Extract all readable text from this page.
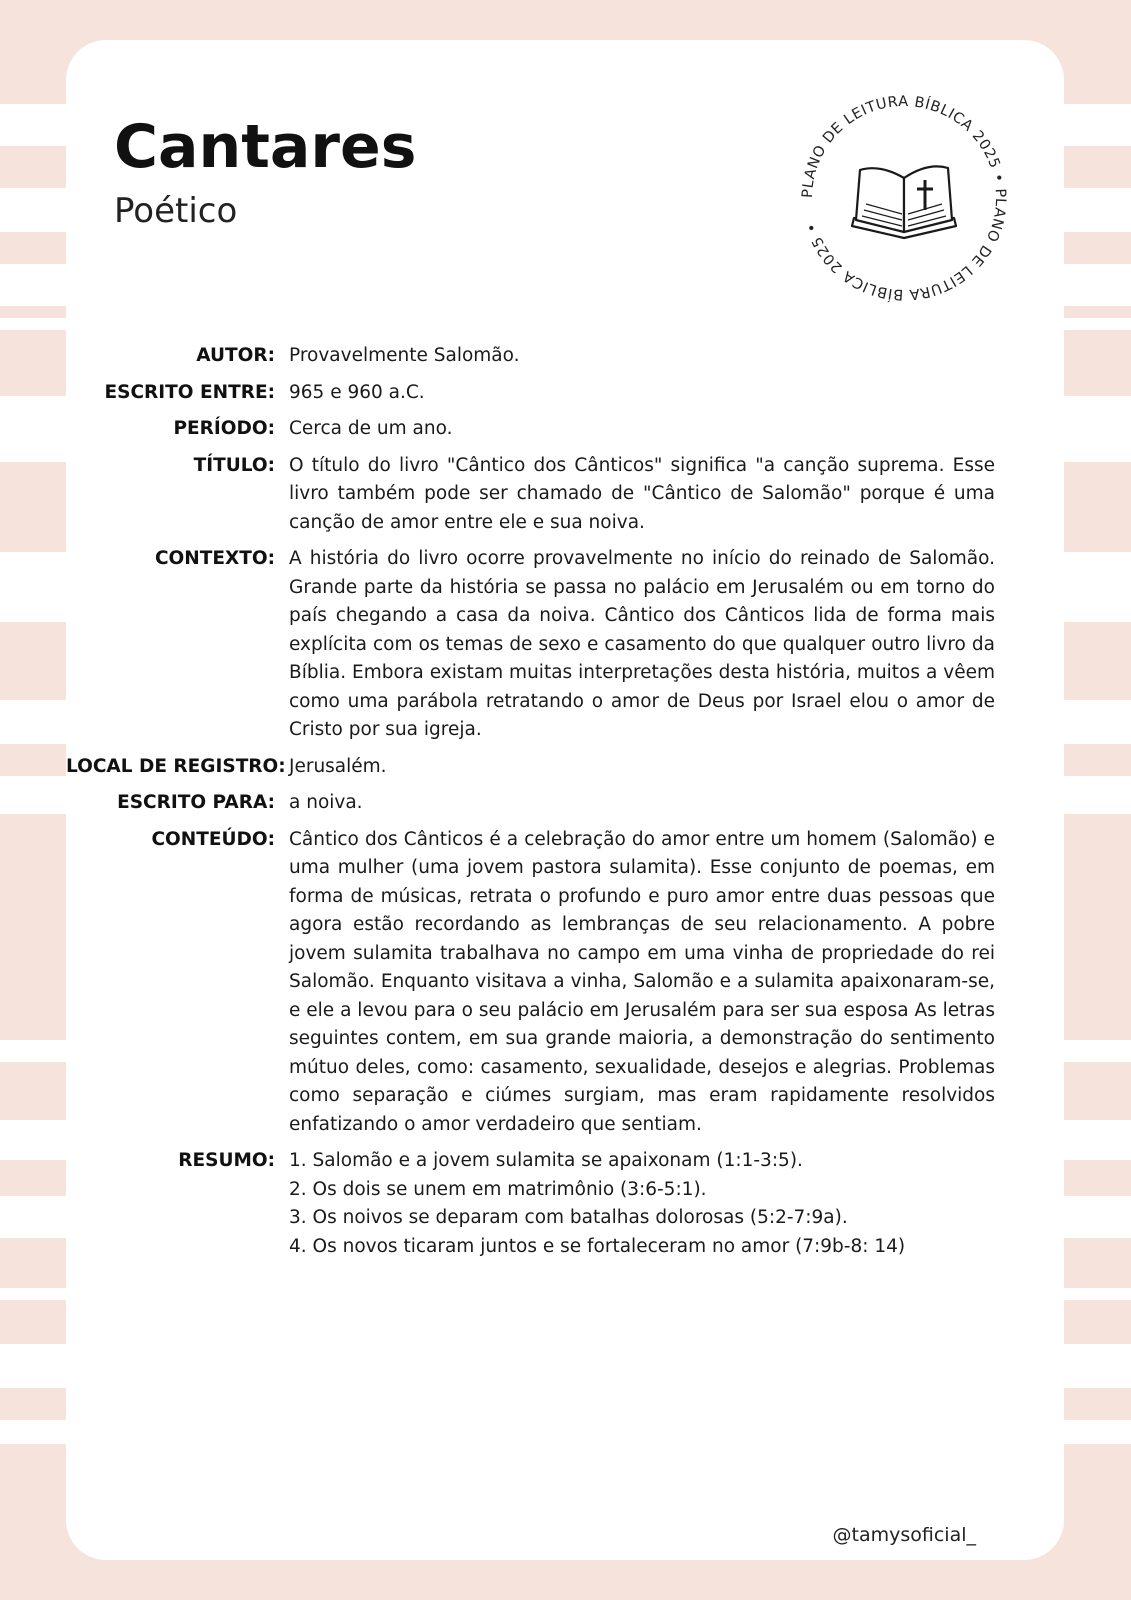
Cantares
Poético	PLANO DE LEITURA BÍBLICA 2025 • PLANO DE LEITURA BÍBLICA 2025 •
AUTOR: Provavelmente Salomão.
ESCRITO ENTRE: 965 e 960 a.C.
PERÍODO: Cerca de um ano.
TÍTULO: O título do livro "Cântico dos Cânticos" significa "a canção suprema. Esse livro também pode ser chamado de "Cântico de Salomão" porque é uma canção de amor entre ele e sua noiva.
CONTEXTO: A história do livro ocorre provavelmente no início do reinado de Salomão. Grande parte da história se passa no palácio em Jerusalém ou em torno do país chegando a casa da noiva. Cântico dos Cânticos lida de forma mais explícita com os temas de sexo e casamento do que qualquer outro livro da Bíblia. Embora existam muitas interpretações desta história, muitos a vêem como uma parábola retratando o amor de Deus por Israel elou o amor de Cristo por sua igreja.
LOCAL DE REGISTRO: Jerusalém.
ESCRITO PARA: a noiva.
CONTEÚDO: Cântico dos Cânticos é a celebração do amor entre um homem (Salomão) e uma mulher (uma jovem pastora sulamita). Esse conjunto de poemas, em forma de músicas, retrata o profundo e puro amor entre duas pessoas que agora estão recordando as lembranças de seu relacionamento. A pobre jovem sulamita trabalhava no campo em uma vinha de propriedade do rei Salomão. Enquanto visitava a vinha, Salomão e a sulamita apaixonaram-se, e ele a levou para o seu palácio em Jerusalém para ser sua esposa As letras seguintes contem, em sua grande maioria, a demonstração do sentimento mútuo deles, como: casamento, sexualidade, desejos e alegrias. Problemas como separação e ciúmes surgiam, mas eram rapidamente resolvidos enfatizando o amor verdadeiro que sentiam.
RESUMO: 1. Salomão e a jovem sulamita se apaixonam (1:1-3:5).
2. Os dois se unem em matrimônio (3:6-5:1).
3. Os noivos se deparam com batalhas dolorosas (5:2-7:9a).
4. Os novos ticaram juntos e se fortaleceram no amor (7:9b-8: 14)
@tamysoficial_
